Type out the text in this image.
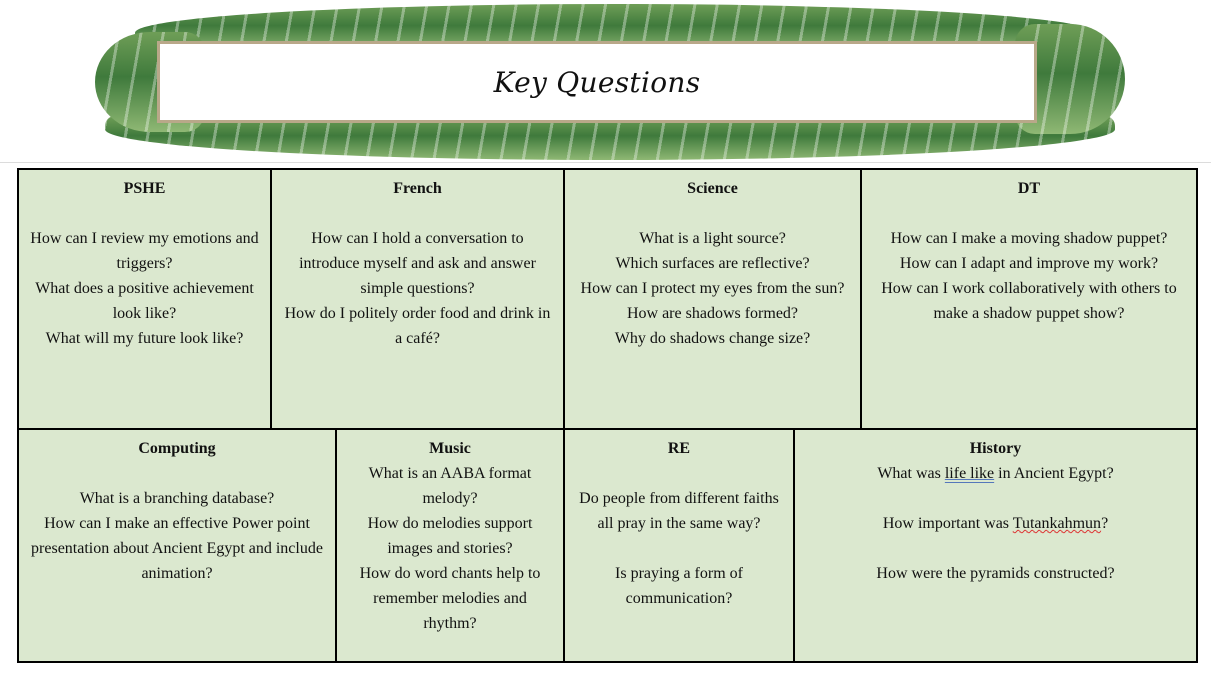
Key Questions
PSHE
How can I review my emotions and triggers?
What does a positive achievement look like?
What will my future look like?
French
How can I hold a conversation to introduce myself and ask and answer simple questions?
How do I politely order food and drink in a café?
Science
What is a light source?
Which surfaces are reflective?
How can I protect my eyes from the sun?
How are shadows formed?
Why do shadows change size?
DT
How can I make a moving shadow puppet?
How can I adapt and improve my work?
How can I work collaboratively with others to make a shadow puppet show?
Computing
What is a branching database?
How can I make an effective Power point presentation about Ancient Egypt and include animation?
Music
What is an AABA format melody?
How do melodies support images and stories?
How do word chants help to remember melodies and rhythm?
RE
Do people from different faiths all pray in the same way?
Is praying a form of communication?
History
What was life like in Ancient Egypt?
How important was Tutankahmun?
How were the pyramids constructed?
